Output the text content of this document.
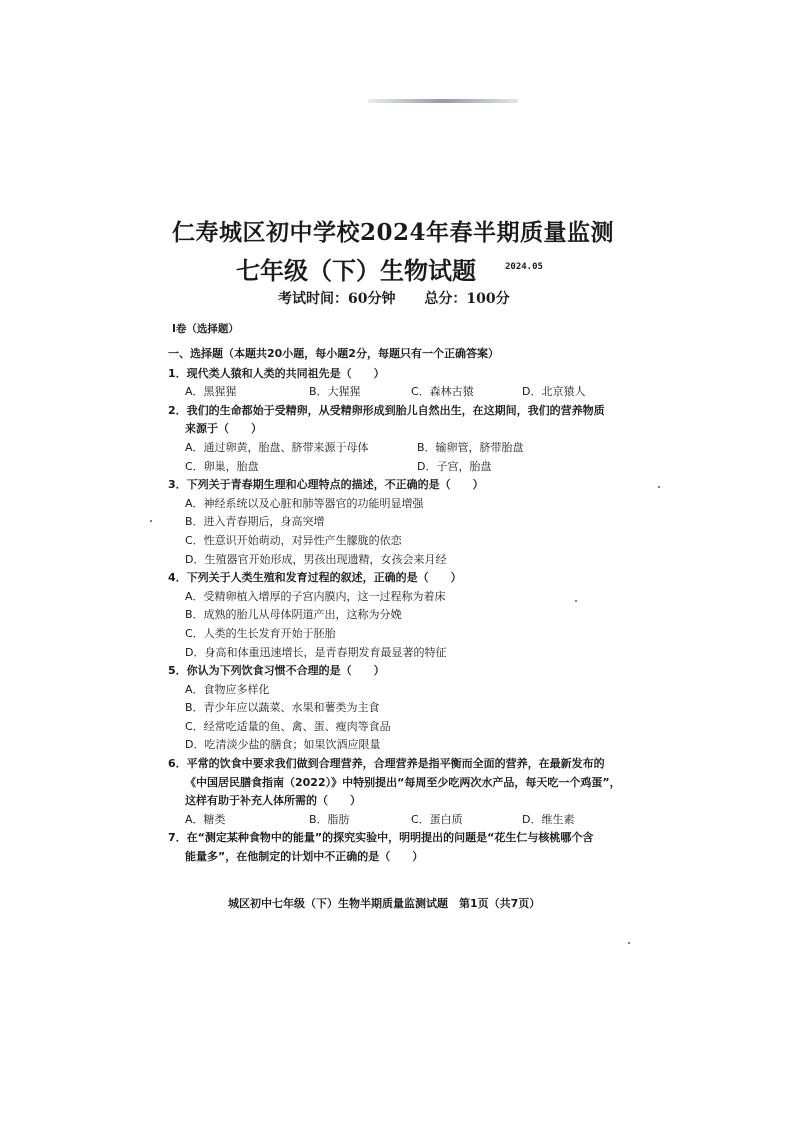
仁寿城区初中学校2024年春半期质量监测
七年级（下）生物试题	2024.05
考试时间：60分钟 总分：100分
Ⅰ卷（选择题）
一、选择题（本题共20小题，每小题2分，每题只有一个正确答案）
1．现代类人猿和人类的共同祖先是（　　）
A．黑猩猩	B．大猩猩	C．森林古猿	D．北京猿人
2．我们的生命都始于受精卵，从受精卵形成到胎儿自然出生，在这期间，我们的营养物质
来源于（　　）
A．通过卵黄，胎盘、脐带来源于母体	B．输卵管，脐带胎盘
C．卵巢，胎盘	D．子宫，胎盘
3．下列关于青春期生理和心理特点的描述，不正确的是（　　）
A．神经系统以及心脏和肺等器官的功能明显增强
B．进入青春期后，身高突增
C．性意识开始萌动，对异性产生朦胧的依恋
D．生殖器官开始形成，男孩出现遗精，女孩会来月经
4．下列关于人类生殖和发育过程的叙述，正确的是（　　）
A．受精卵植入增厚的子宫内膜内，这一过程称为着床
B．成熟的胎儿从母体阴道产出，这称为分娩
C．人类的生长发育开始于胚胎
D．身高和体重迅速增长，是青春期发育最显著的特征
5．你认为下列饮食习惯不合理的是（　　）
A．食物应多样化
B．青少年应以蔬菜、水果和薯类为主食
C．经常吃适量的鱼、禽、蛋、瘦肉等食品
D．吃清淡少盐的膳食；如果饮酒应限量
6．平常的饮食中要求我们做到合理营养，合理营养是指平衡而全面的营养，在最新发布的
《中国居民膳食指南（2022）》中特别提出“每周至少吃两次水产品，每天吃一个鸡蛋”，
这样有助于补充人体所需的（　　）
A．糖类	B．脂肪	C．蛋白质	D．维生素
7．在“测定某种食物中的能量”的探究实验中，明明提出的问题是“花生仁与核桃哪个含
能量多”，在他制定的计划中不正确的是（　　）
城区初中七年级（下）生物半期质量监测试题　第1页（共7页）
